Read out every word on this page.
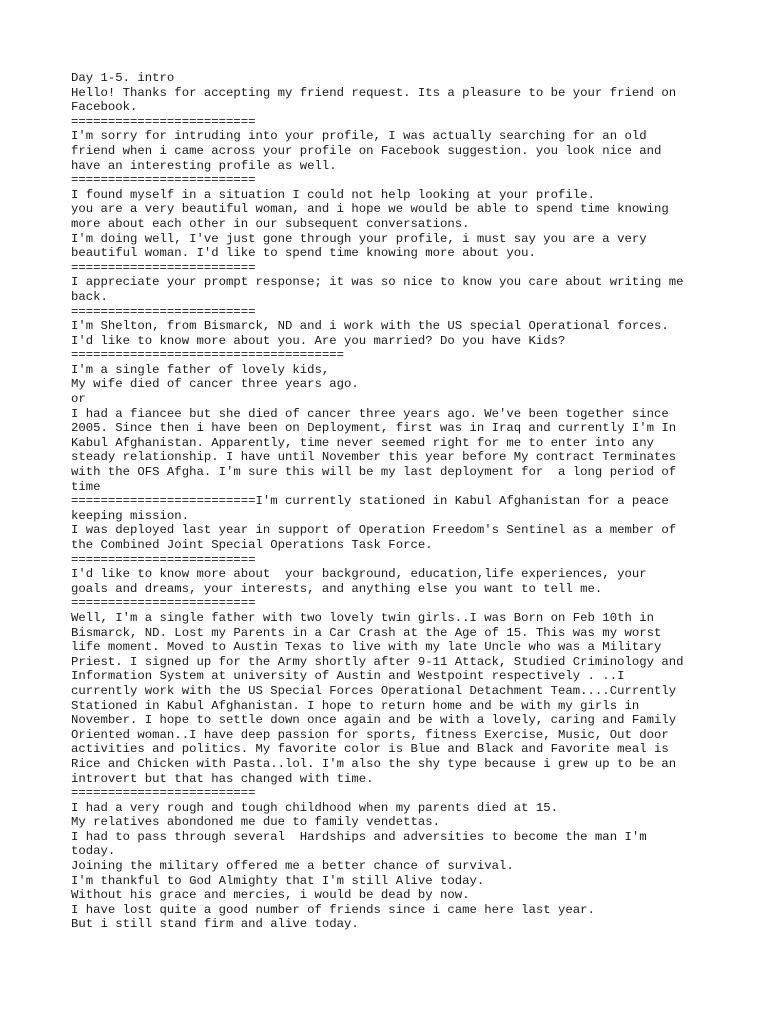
Day 1-5. intro
Hello! Thanks for accepting my friend request. Its a pleasure to be your friend on
Facebook.
=========================
I'm sorry for intruding into your profile, I was actually searching for an old
friend when i came across your profile on Facebook suggestion. you look nice and
have an interesting profile as well.
=========================
I found myself in a situation I could not help looking at your profile.
you are a very beautiful woman, and i hope we would be able to spend time knowing
more about each other in our subsequent conversations.
I'm doing well, I've just gone through your profile, i must say you are a very
beautiful woman. I'd like to spend time knowing more about you.
=========================
I appreciate your prompt response; it was so nice to know you care about writing me
back.
=========================
I'm Shelton, from Bismarck, ND and i work with the US special Operational forces.
I'd like to know more about you. Are you married? Do you have Kids?
=====================================
I'm a single father of lovely kids,
My wife died of cancer three years ago.
or
I had a fiancee but she died of cancer three years ago. We've been together since
2005. Since then i have been on Deployment, first was in Iraq and currently I'm In
Kabul Afghanistan. Apparently, time never seemed right for me to enter into any
steady relationship. I have until November this year before My contract Terminates
with the OFS Afgha. I'm sure this will be my last deployment for  a long period of
time
=========================I'm currently stationed in Kabul Afghanistan for a peace
keeping mission.
I was deployed last year in support of Operation Freedom's Sentinel as a member of
the Combined Joint Special Operations Task Force.
=========================
I'd like to know more about  your background, education,life experiences, your
goals and dreams, your interests, and anything else you want to tell me.
=========================
Well, I'm a single father with two lovely twin girls..I was Born on Feb 10th in
Bismarck, ND. Lost my Parents in a Car Crash at the Age of 15. This was my worst
life moment. Moved to Austin Texas to live with my late Uncle who was a Military
Priest. I signed up for the Army shortly after 9-11 Attack, Studied Criminology and
Information System at university of Austin and Westpoint respectively . ..I
currently work with the US Special Forces Operational Detachment Team....Currently
Stationed in Kabul Afghanistan. I hope to return home and be with my girls in
November. I hope to settle down once again and be with a lovely, caring and Family
Oriented woman..I have deep passion for sports, fitness Exercise, Music, Out door
activities and politics. My favorite color is Blue and Black and Favorite meal is
Rice and Chicken with Pasta..lol. I'm also the shy type because i grew up to be an
introvert but that has changed with time.
=========================
I had a very rough and tough childhood when my parents died at 15.
My relatives abondoned me due to family vendettas.
I had to pass through several  Hardships and adversities to become the man I'm
today.
Joining the military offered me a better chance of survival.
I'm thankful to God Almighty that I'm still Alive today.
Without his grace and mercies, i would be dead by now.
I have lost quite a good number of friends since i came here last year.
But i still stand firm and alive today.
